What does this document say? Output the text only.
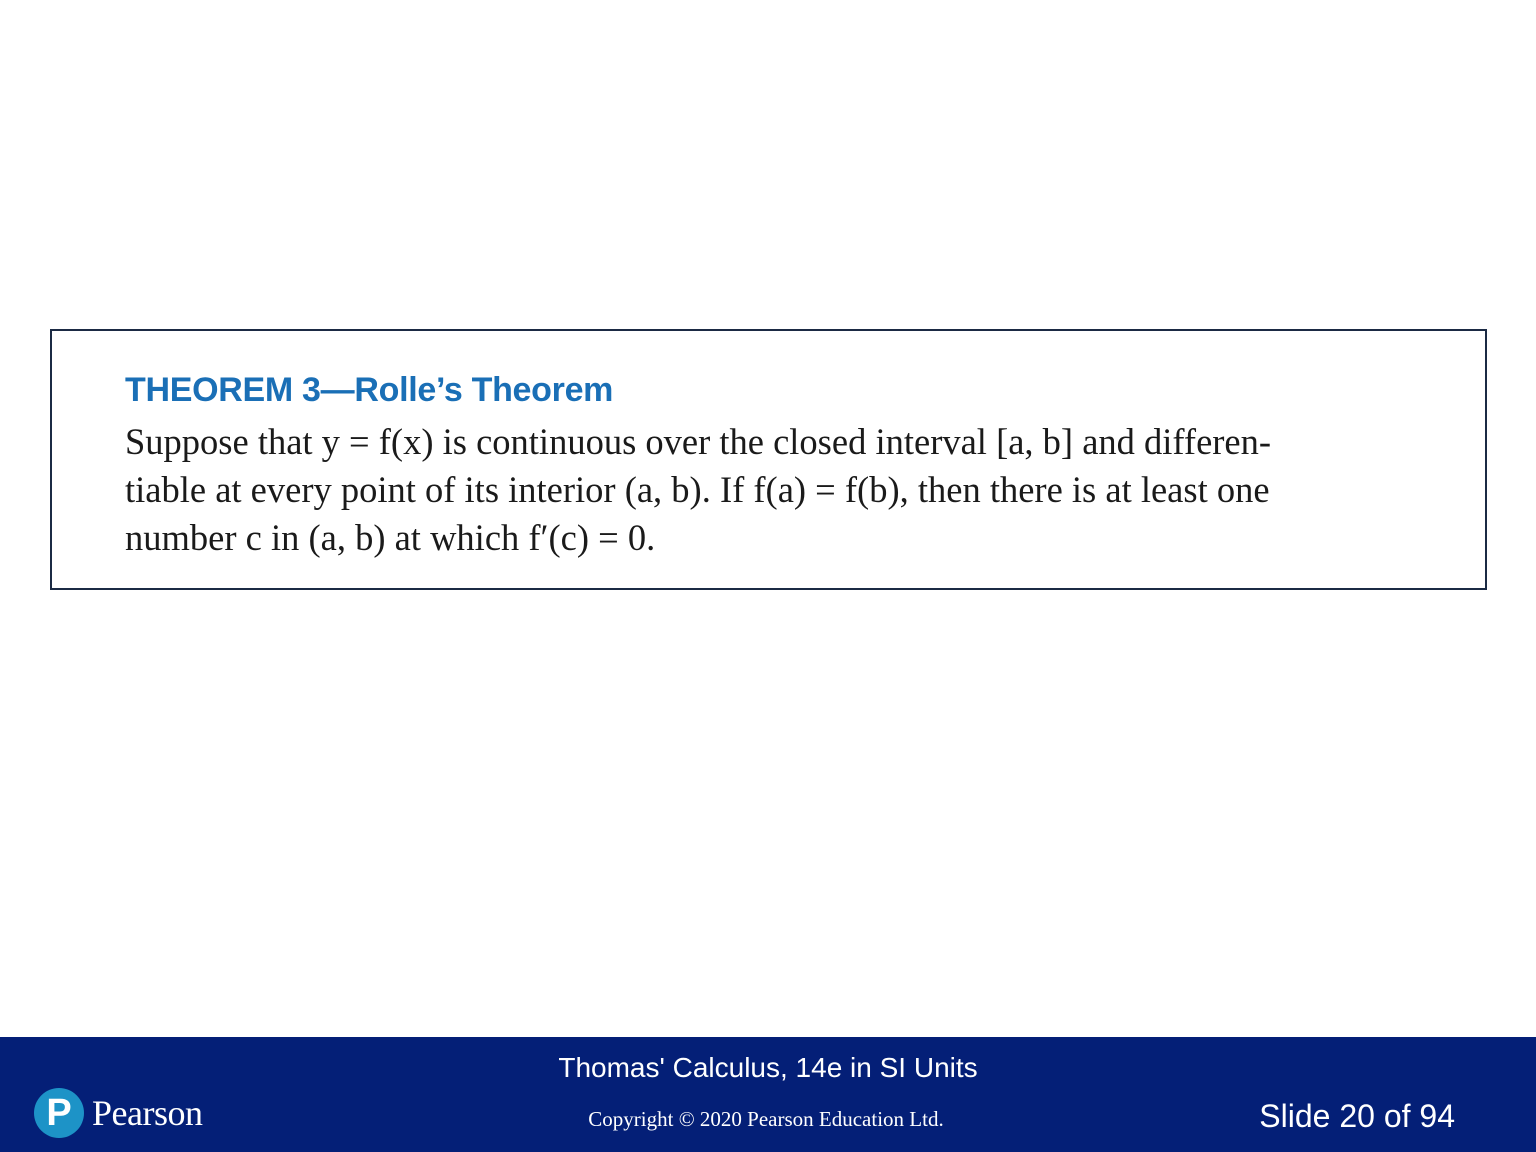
THEOREM 3—Rolle’s Theorem
Suppose that y = f(x) is continuous over the closed interval [a, b] and differen-
tiable at every point of its interior (a, b). If f(a) = f(b), then there is at least one
number c in (a, b) at which f′(c) = 0.
P Pearson
Thomas' Calculus, 14e in SI Units
Copyright © 2020 Pearson Education Ltd.	Slide 20 of 94
